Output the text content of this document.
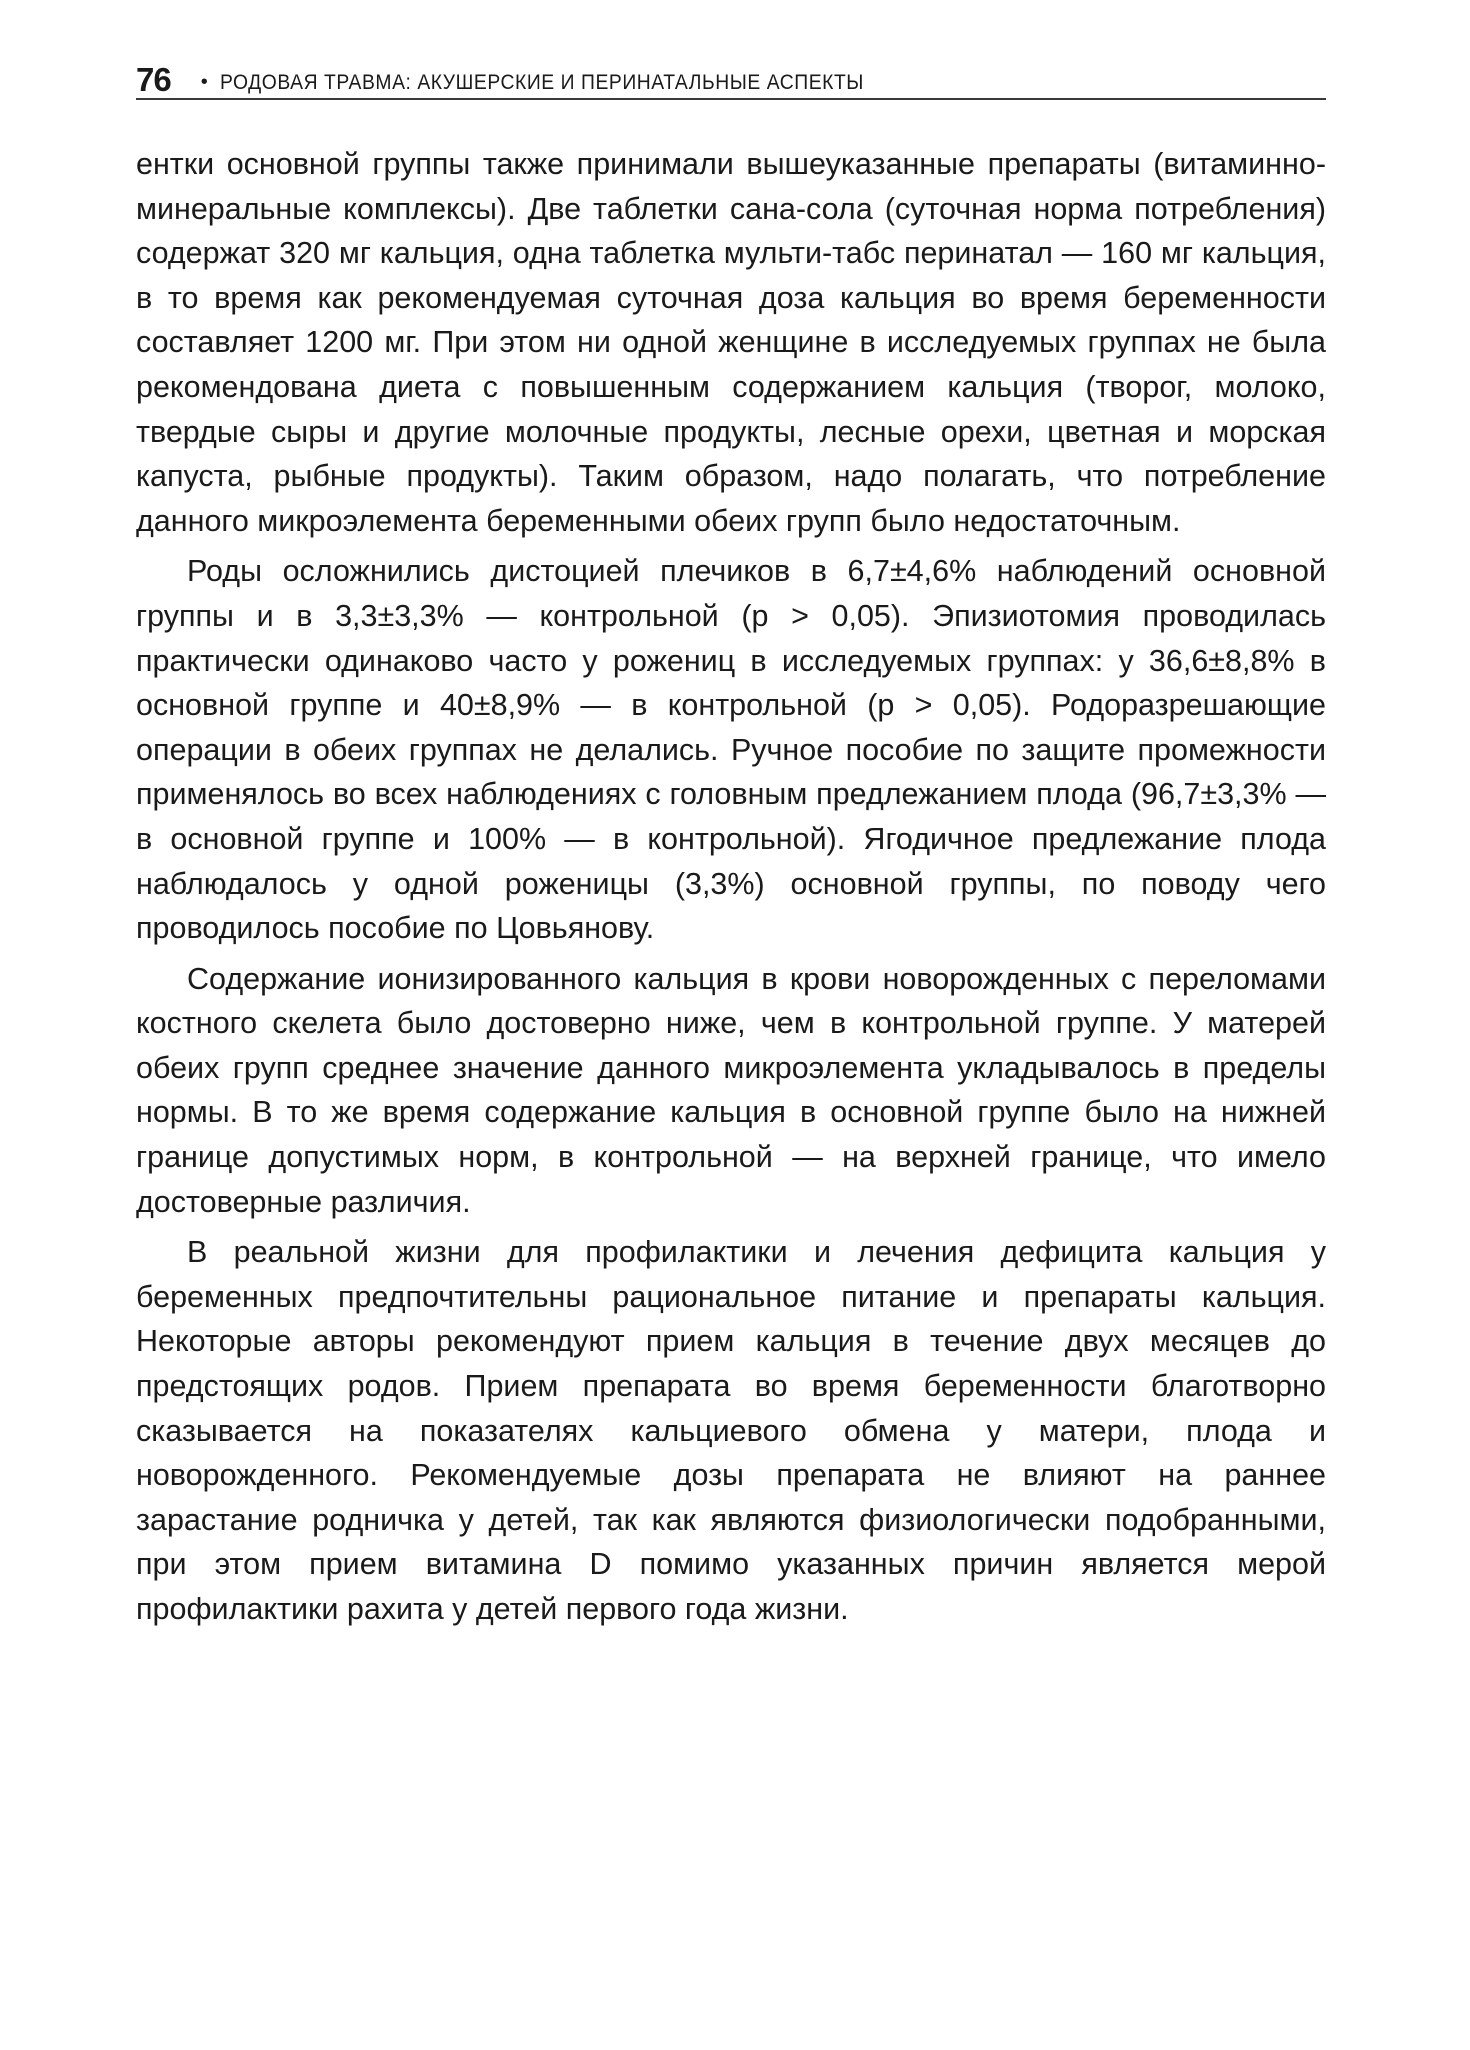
76 • РОДОВАЯ ТРАВМА: АКУШЕРСКИЕ И ПЕРИНАТАЛЬНЫЕ АСПЕКТЫ

ентки основной группы также принимали вышеуказанные препараты (витаминно-минеральные комплексы). Две таблетки сана-сола (суточная норма потребления) содержат 320 мг кальция, одна таблетка мульти-табс перинатал — 160 мг кальция, в то время как рекомендуемая суточная доза кальция во время беременности составляет 1200 мг. При этом ни одной женщине в исследуемых группах не была рекомендована диета с повышенным содержанием кальция (творог, молоко, твердые сыры и другие молочные продукты, лесные орехи, цветная и морская капуста, рыбные продукты). Таким образом, надо полагать, что потребление данного микроэлемента беременными обеих групп было недостаточным.

Роды осложнились дистоцией плечиков в 6,7±4,6% наблюдений основной группы и в 3,3±3,3% — контрольной (p > 0,05). Эпизиотомия проводилась практически одинаково часто у рожениц в исследуемых группах: у 36,6±8,8% в основной группе и 40±8,9% — в контрольной (p > 0,05). Родоразрешающие операции в обеих группах не делались. Ручное пособие по защите промежности применялось во всех наблюдениях с головным предлежанием плода (96,7±3,3% — в основной группе и 100% — в контрольной). Ягодичное предлежание плода наблюдалось у одной роженицы (3,3%) основной группы, по поводу чего проводилось пособие по Цовьянову.

Содержание ионизированного кальция в крови новорожденных с переломами костного скелета было достоверно ниже, чем в контрольной группе. У матерей обеих групп среднее значение данного микроэлемента укладывалось в пределы нормы. В то же время содержание кальция в основной группе было на нижней границе допустимых норм, в контрольной — на верхней границе, что имело достоверные различия.

В реальной жизни для профилактики и лечения дефицита кальция у беременных предпочтительны рациональное питание и препараты кальция. Некоторые авторы рекомендуют прием кальция в течение двух месяцев до предстоящих родов. Прием препарата во время беременности благотворно сказывается на показателях кальциевого обмена у матери, плода и новорожденного. Рекомендуемые дозы препарата не влияют на раннее зарастание родничка у детей, так как являются физиологически подобранными, при этом прием витамина D помимо указанных причин является мерой профилактики рахита у детей первого года жизни.
